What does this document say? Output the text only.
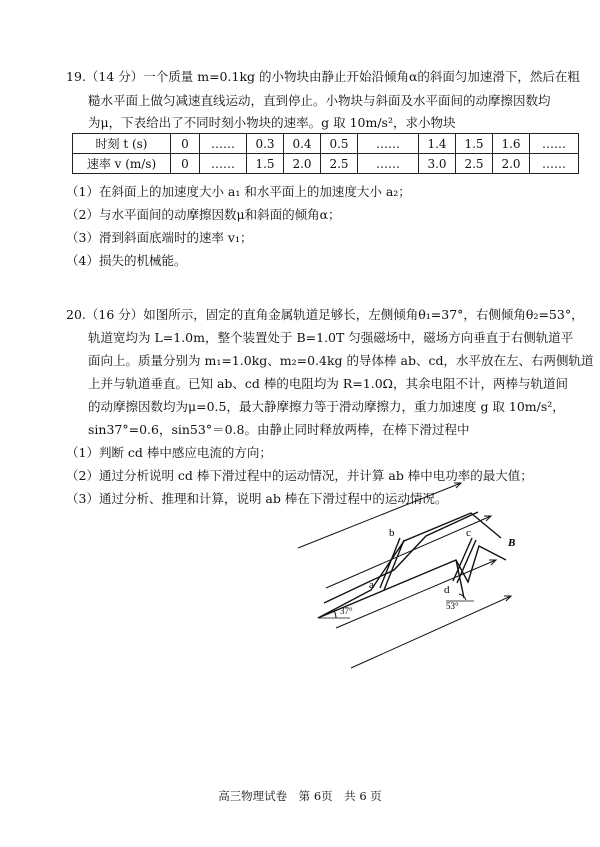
19.（14 分）一个质量 m=0.1kg 的小物块由静止开始沿倾角α的斜面匀加速滑下，然后在粗
糙水平面上做匀减速直线运动，直到停止。小物块与斜面及水平面间的动摩擦因数均
为μ，下表给出了不同时刻小物块的速率。g 取 10m/s²，求小物块
时刻 t (s)	0	……	0.3	0.4	0.5	……	1.4	1.5	1.6	……
速率 v (m/s)	0	……	1.5	2.0	2.5	……	3.0	2.5	2.0	……
（1）在斜面上的加速度大小 a₁ 和水平面上的加速度大小 a₂；
（2）与水平面间的动摩擦因数μ和斜面的倾角α；
（3）滑到斜面底端时的速率 v₁；
（4）损失的机械能。
20.（16 分）如图所示，固定的直角金属轨道足够长，左侧倾角θ₁=37°，右侧倾角θ₂=53°，
轨道宽均为 L=1.0m，整个装置处于 B=1.0T 匀强磁场中，磁场方向垂直于右侧轨道平
面向上。质量分别为 m₁=1.0kg、m₂=0.4kg 的导体棒 ab、cd，水平放在左、右两侧轨道
上并与轨道垂直。已知 ab、cd 棒的电阻均为 R=1.0Ω，其余电阻不计，两棒与轨道间
的动摩擦因数均为μ=0.5，最大静摩擦力等于滑动摩擦力，重力加速度 g 取 10m/s²，
sin37°=0.6，sin53°＝0.8。由静止同时释放两棒，在棒下滑过程中
（1）判断 cd 棒中感应电流的方向；
（2）通过分析说明 cd 棒下滑过程中的运动情况，并计算 ab 棒中电功率的最大值；
（3）通过分析、推理和计算，说明 ab 棒在下滑过程中的运动情况。
b
a
c
d
B
37°	53°
高三物理试卷　第 6页　共 6 页
